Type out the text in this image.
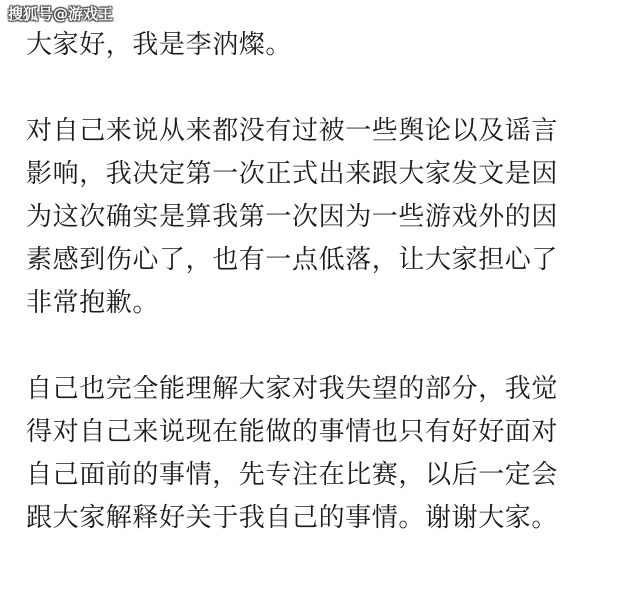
搜狐号@游戏王

大家好，我是李汭燦。

对自己来说从来都没有过被一些舆论以及谣言
影响，我决定第一次正式出来跟大家发文是因
为这次确实是算我第一次因为一些游戏外的因
素感到伤心了，也有一点低落，让大家担心了
非常抱歉。

自己也完全能理解大家对我失望的部分，我觉
得对自己来说现在能做的事情也只有好好面对
自己面前的事情，先专注在比赛，以后一定会
跟大家解释好关于我自己的事情。谢谢大家。
